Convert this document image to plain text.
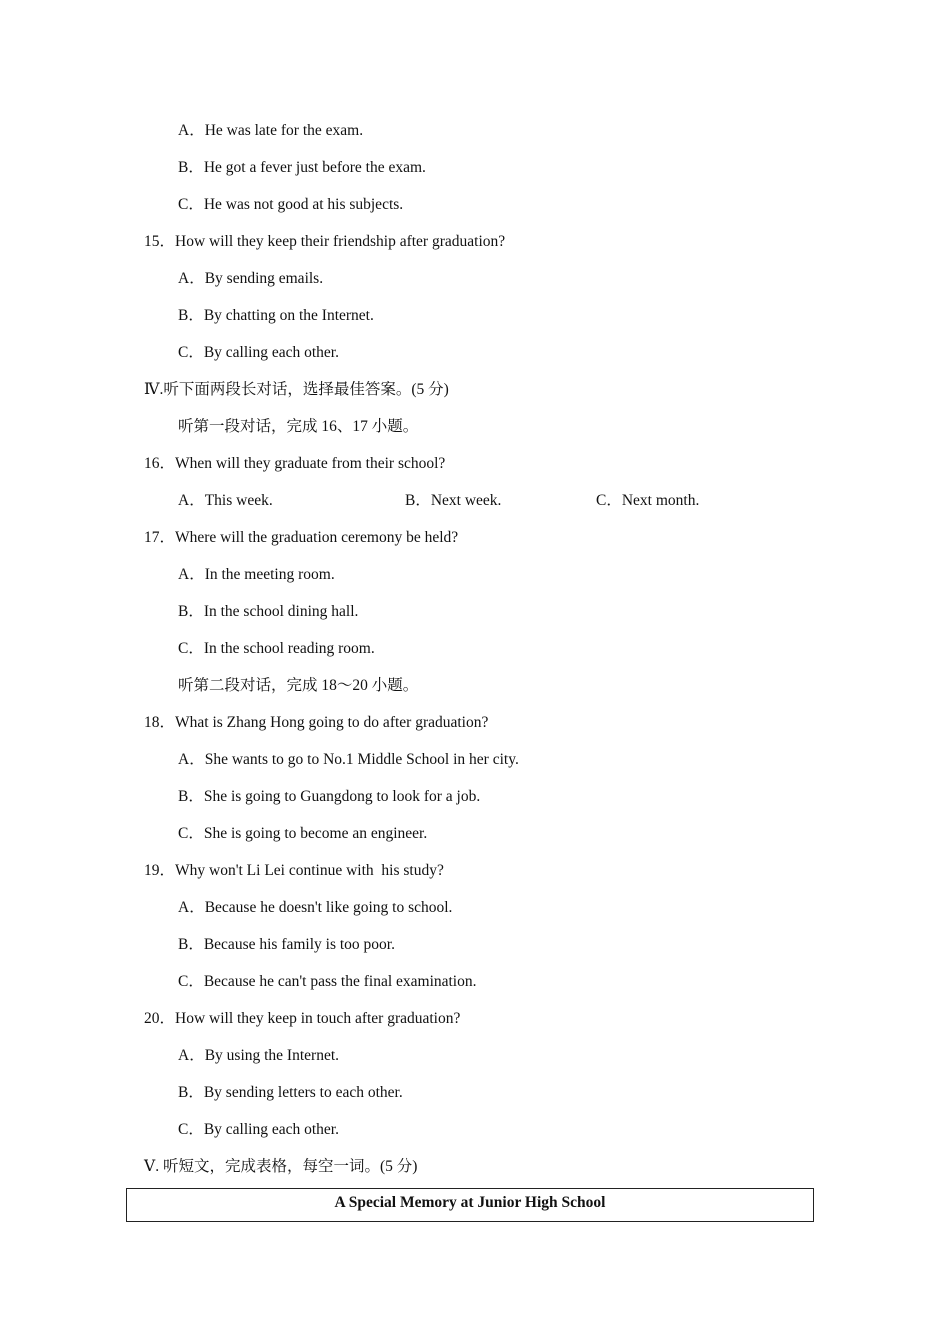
A．He was late for the exam.
B．He got a fever just before the exam.
C．He was not good at his subjects.
15．How will they keep their friendship after graduation?
A．By sending emails.
B．By chatting on the Internet.
C．By calling each other.
Ⅳ.听下面两段长对话，选择最佳答案。(5 分)
听第一段对话，完成 16、17 小题。
16．When will they graduate from their school?
A．This week.	B．Next week.	C．Next month.
17．Where will the graduation ceremony be held?
A．In the meeting room.
B．In the school dining hall.
C．In the school reading room.
听第二段对话，完成 18～20 小题。
18．What is Zhang Hong going to do after graduation?
A．She wants to go to No.1 Middle School in her city.
B．She is going to Guangdong to look for a job.
C．She is going to become an engineer.
19．Why won't Li Lei continue with  his study?
A．Because he doesn't like going to school.
B．Because his family is too poor.
C．Because he can't pass the final examination.
20．How will they keep in touch after graduation?
A．By using the Internet.
B．By sending letters to each other.
C．By calling each other.
Ⅴ. 听短文，完成表格，每空一词。(5 分)
A Special Memory at Junior High School
